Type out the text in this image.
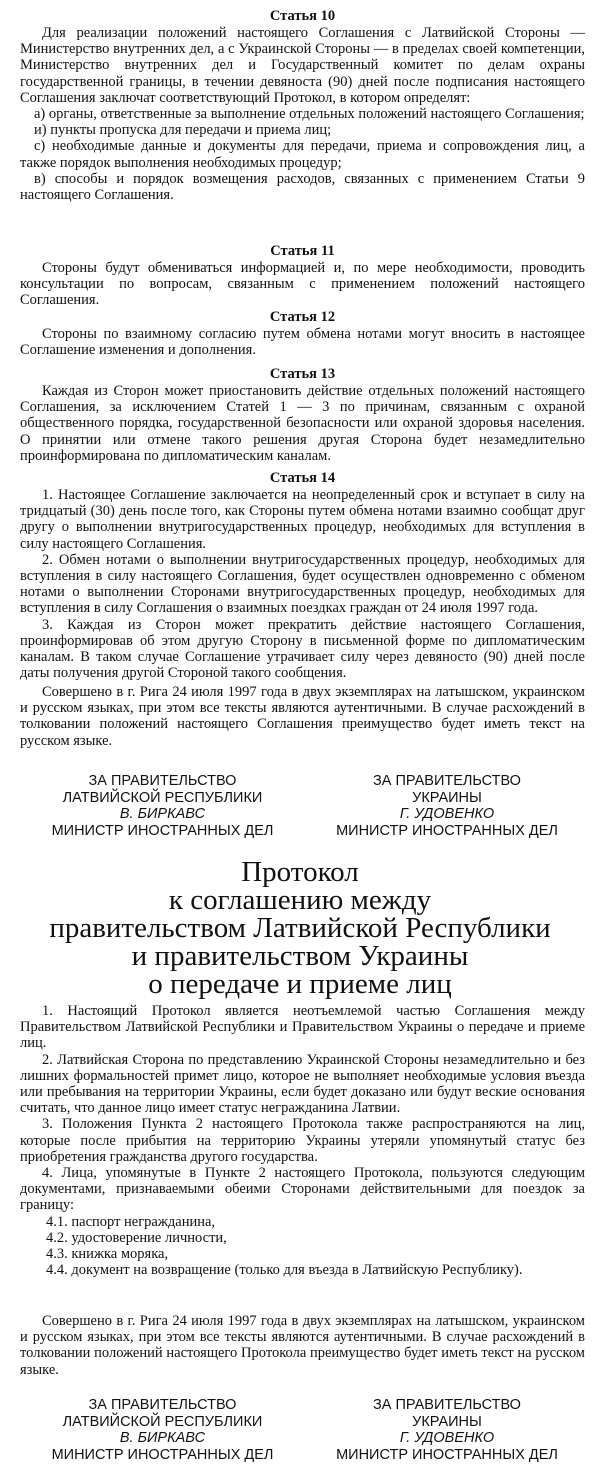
Статья 10

Для реализации положений настоящего Соглашения с Латвийской Стороны — Министерство внутренних дел, а с Украинской Стороны — в пределах своей компетенции, Министерство внутренних дел и Государственный комитет по делам охраны государственной границы, в течении девяноста (90) дней после подписания настоящего Соглашения заключат соответствующий Протокол, в котором определят:

а) органы, ответственные за выполнение отдельных положений настоящего Соглашения;

и) пункты пропуска для передачи и приема лиц;

с) необходимые данные и документы для передачи, приема и сопровождения лиц, а также порядок выполнения необходимых процедур;

в) способы и порядок возмещения расходов, связанных с применением Статьи 9 настоящего Соглашения.

Статья 11

Стороны будут обмениваться информацией и, по мере необходимости, проводить консультации по вопросам, связанным с применением положений настоящего Соглашения.

Статья 12

Стороны по взаимному согласию путем обмена нотами могут вносить в настоящее Соглашение изменения и дополнения.

Статья 13

Каждая из Сторон может приостановить действие отдельных положений настоящего Соглашения, за исключением Статей 1 — 3 по причинам, связанным с охраной общественного порядка, государственной безопасности или охраной здоровья населения. О принятии или отмене такого решения другая Сторона будет незамедлительно проинформирована по дипломатическим каналам.

Статья 14

1. Настоящее Соглашение заключается на неопределенный срок и вступает в силу на тридцатый (30) день после того, как Стороны путем обмена нотами взаимно сообщат друг другу о выполнении внутригосударственных процедур, необходимых для вступления в силу настоящего Соглашения.

2. Обмен нотами о выполнении внутригосударственных процедур, необходимых для вступления в силу настоящего Соглашения, будет осуществлен одновременно с обменом нотами о выполнении Сторонами внутригосударственных процедур, необходимых для вступления в силу Соглашения о взаимных поездках граждан от 24 июля 1997 года.

3. Каждая из Сторон может прекратить действие настоящего Соглашения, проинформировав об этом другую Сторону в письменной форме по дипломатическим каналам. В таком случае Соглашение утрачивает силу через девяносто (90) дней после даты получения другой Стороной такого сообщения.

Совершено в г. Рига 24 июля 1997 года в двух экземплярах на латышском, украинском и русском языках, при этом все тексты являются аутентичными. В случае расхождений в толковании положений настоящего Соглашения преимущество будет иметь текст на русском языке.

ЗА ПРАВИТЕЛЬСТВО
ЛАТВИЙСКОЙ РЕСПУБЛИКИ
В. БИРКАВС
МИНИСТР ИНОСТРАННЫХ ДЕЛ
ЗА ПРАВИТЕЛЬСТВО
УКРАИНЫ
Г. УДОВЕНКО
МИНИСТР ИНОСТРАННЫХ ДЕЛ

Протокол

к соглашению между

правительством Латвийской Республики

и правительством Украины

о передаче и приеме лиц

1. Настоящий Протокол является неотъемлемой частью Соглашения между Правительством Латвийской Республики и Правительством Украины о передаче и приеме лиц.

2. Латвийская Сторона по представлению Украинской Стороны незамедлительно и без лишних формальностей примет лицо, которое не выполняет необходимые условия въезда или пребывания на территории Украины, если будет доказано или будут веские основания считать, что данное лицо имеет статус негражданина Латвии.

3. Положения Пункта 2 настоящего Протокола также распространяются на лиц, которые после прибытия на территорию Украины утеряли упомянутый статус без приобретения гражданства другого государства.

4. Лица, упомянутые в Пункте 2 настоящего Протокола, пользуются следующим документами, признаваемыми обеими Сторонами действительными для поездок за границу:

4.1. паспорт негражданина,

4.2. удостоверение личности,

4.3. книжка моряка,

4.4. документ на возвращение (только для въезда в Латвийскую Республику).

Совершено в г. Рига 24 июля 1997 года в двух экземплярах на латышском, украинском и русском языках, при этом все тексты являются аутентичными. В случае расхождений в толковании положений настоящего Протокола преимущество будет иметь текст на русском языке.

ЗА ПРАВИТЕЛЬСТВО
ЛАТВИЙСКОЙ РЕСПУБЛИКИ
В. БИРКАВС
МИНИСТР ИНОСТРАННЫХ ДЕЛ
ЗА ПРАВИТЕЛЬСТВО
УКРАИНЫ
Г. УДОВЕНКО
МИНИСТР ИНОСТРАННЫХ ДЕЛ
